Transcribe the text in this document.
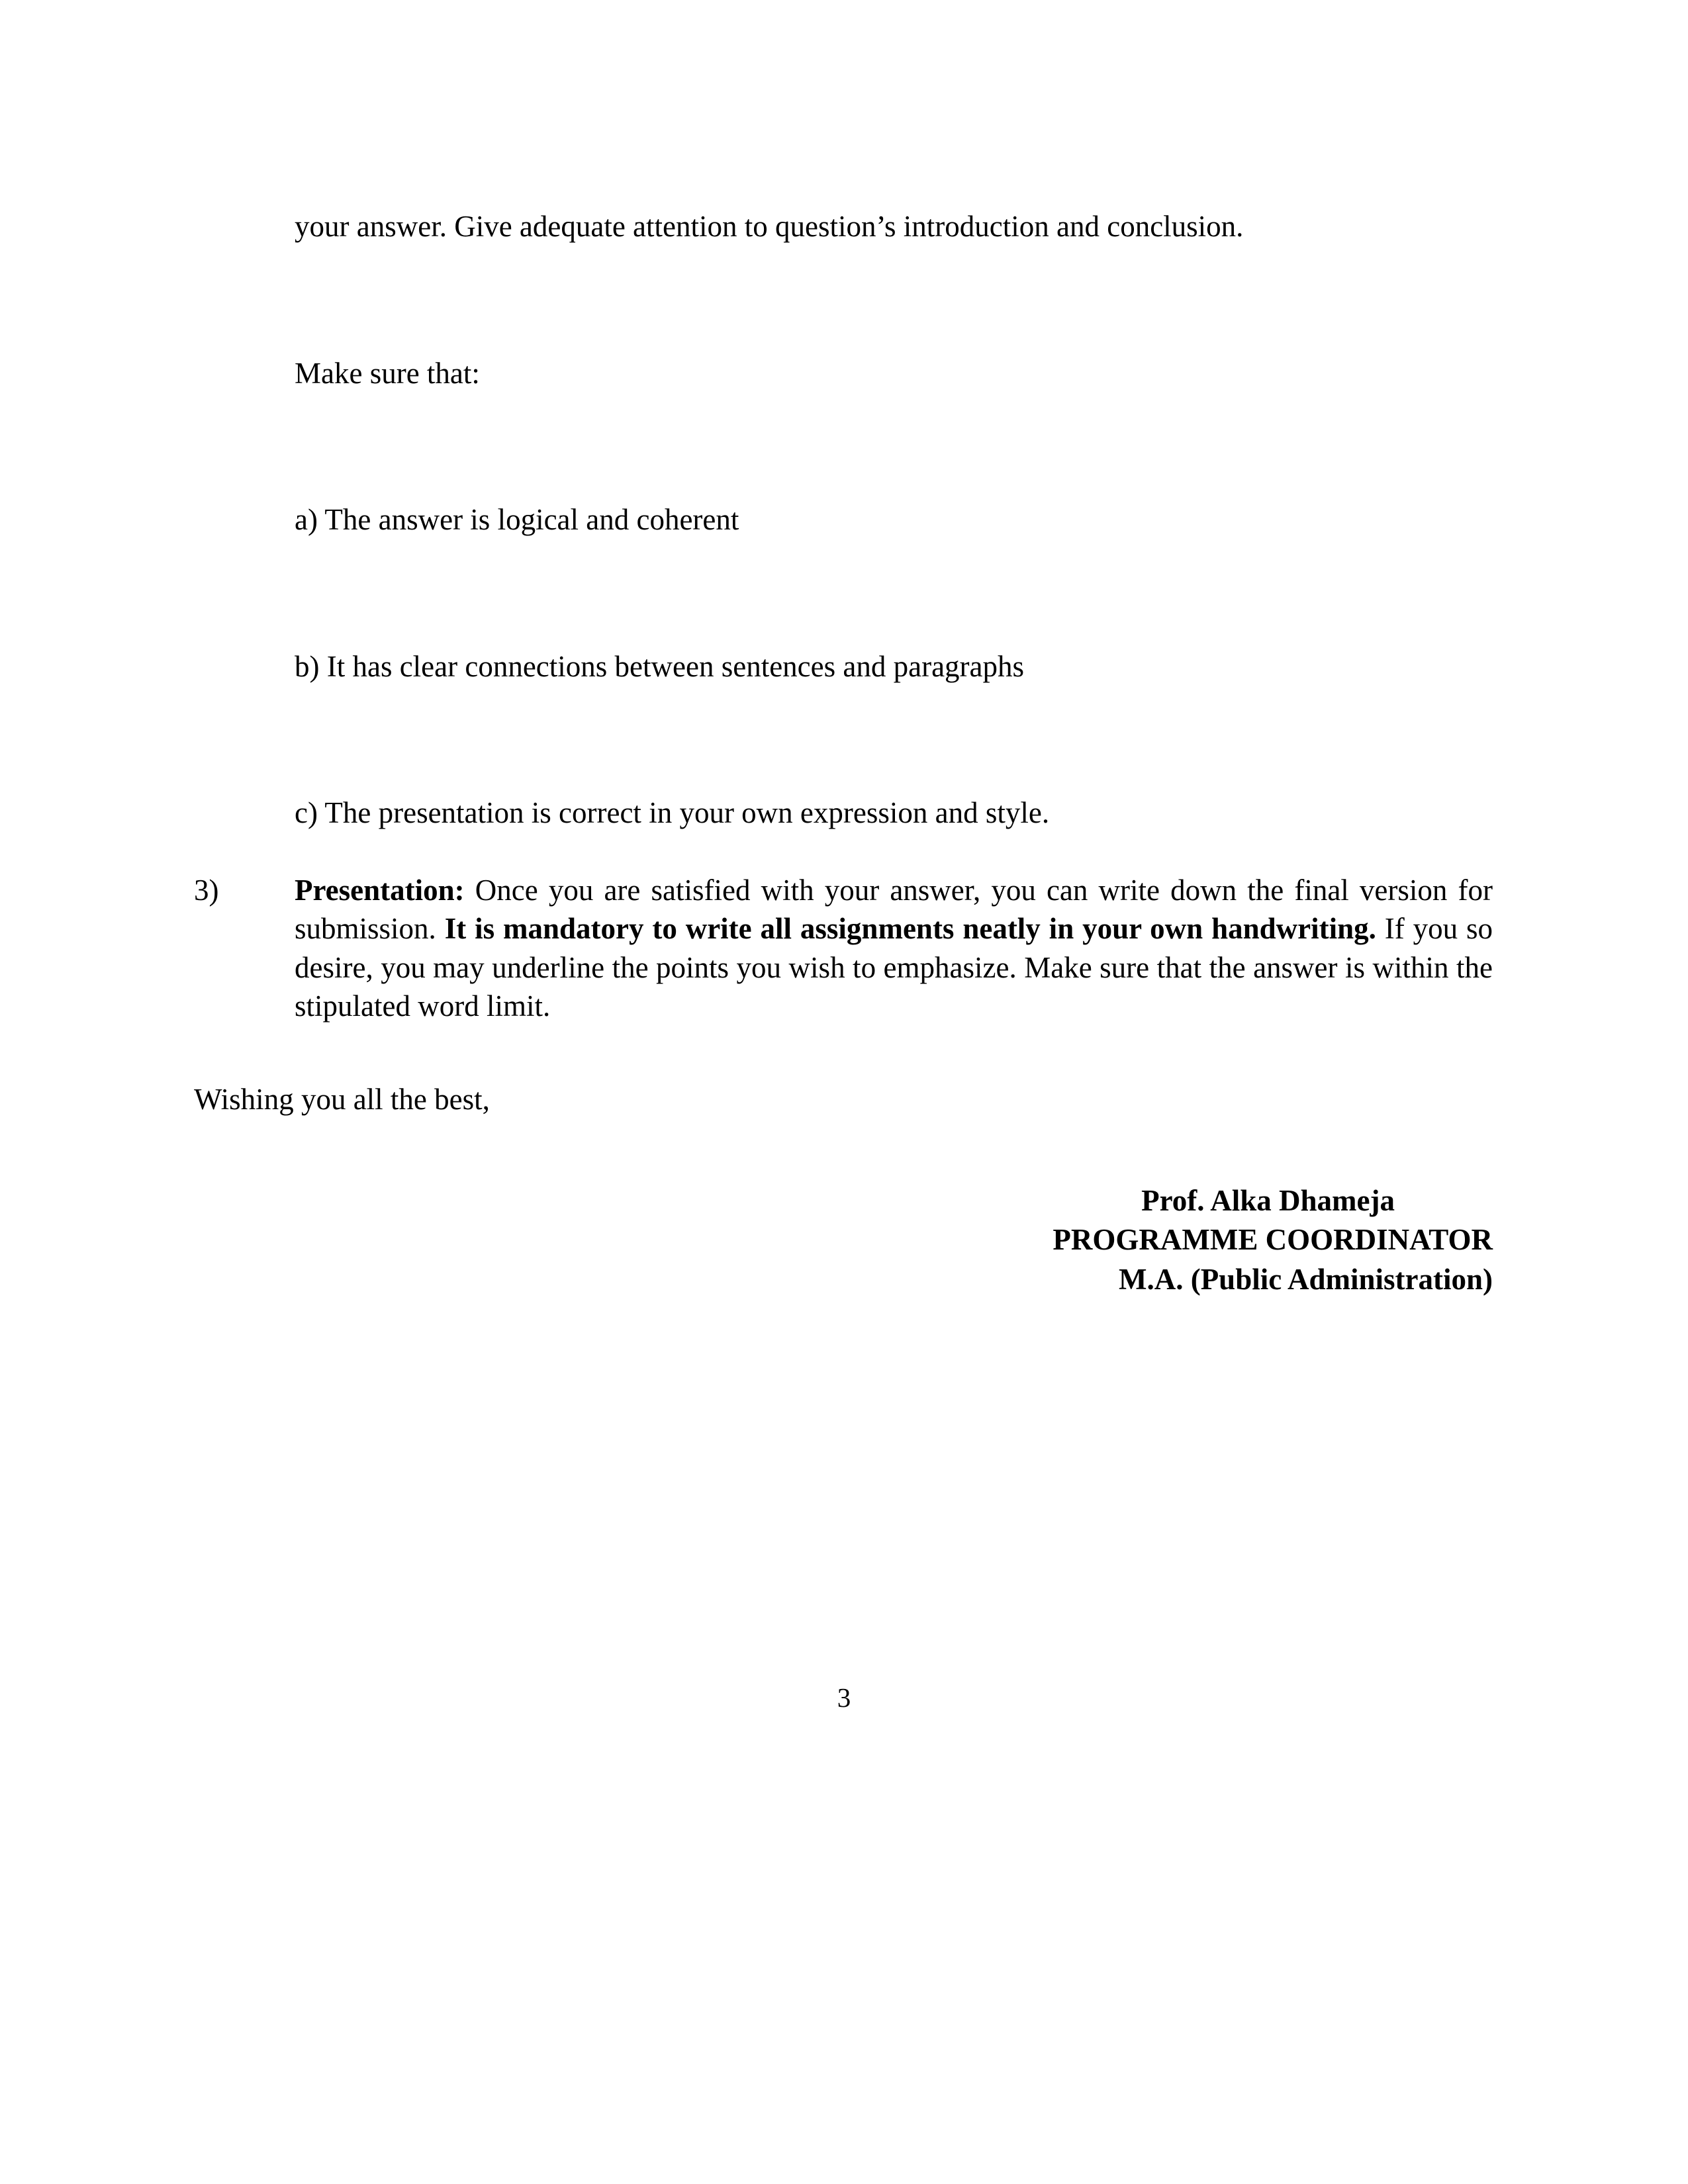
your answer. Give adequate attention to question’s introduction and conclusion.

Make sure that:

a) The answer is logical and coherent

b) It has clear connections between sentences and paragraphs

c) The presentation is correct in your own expression and style.

3)	Presentation: Once you are satisfied with your answer, you can write down the final version for submission. It is mandatory to write all assignments neatly in your own handwriting. If you so desire, you may underline the points you wish to emphasize. Make sure that the answer is within the stipulated word limit.

Wishing you all the best,

Prof. Alka Dhameja
PROGRAMME COORDINATOR
M.A. (Public Administration)
3
